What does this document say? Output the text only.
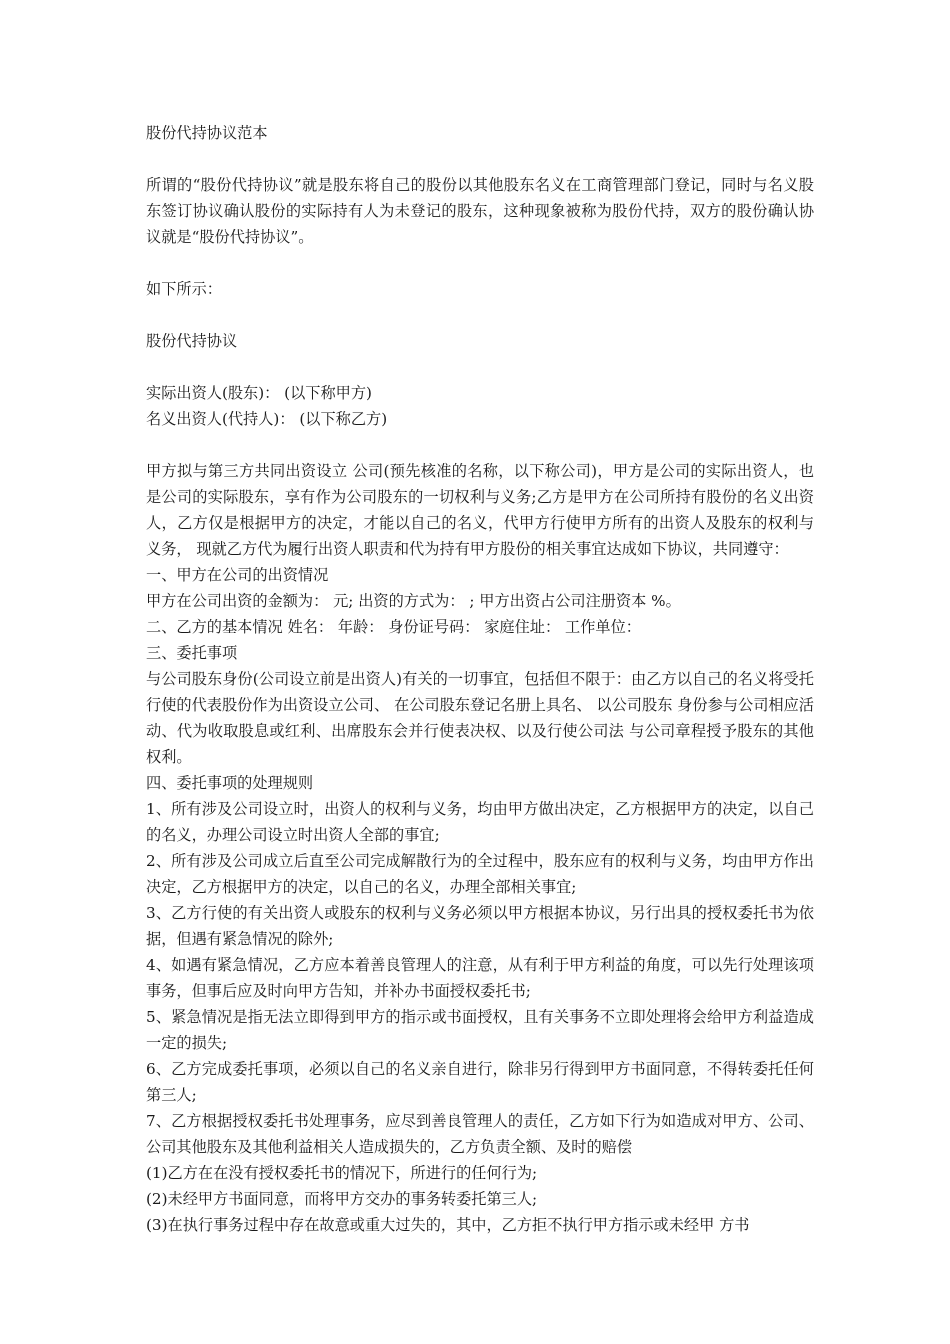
股份代持协议范本

所谓的“股份代持协议”就是股东将自己的股份以其他股东名义在工商管理部门登记，同时与名义股东签订协议确认股份的实际持有人为未登记的股东，这种现象被称为股份代持，双方的股份确认协议就是“股份代持协议”。

如下所示：
股份代持协议
实际出资人(股东)： (以下称甲方)
名义出资人(代持人)： (以下称乙方)

甲方拟与第三方共同出资设立 公司(预先核准的名称，以下称公司)，甲方是公司的实际出资人，也是公司的实际股东，享有作为公司股东的一切权利与义务;乙方是甲方在公司所持有股份的名义出资人，乙方仅是根据甲方的决定，才能以自己的名义，代甲方行使甲方所有的出资人及股东的权利与义务， 现就乙方代为履行出资人职责和代为持有甲方股份的相关事宜达成如下协议，共同遵守：

一、甲方在公司的出资情况
甲方在公司出资的金额为： 元; 出资的方式为： ; 甲方出资占公司注册资本 %。
二、乙方的基本情况 姓名： 年龄： 身份证号码： 家庭住址： 工作单位：
三、委托事项

与公司股东身份(公司设立前是出资人)有关的一切事宜，包括但不限于：由乙方以自己的名义将受托行使的代表股份作为出资设立公司、 在公司股东登记名册上具名、 以公司股东 身份参与公司相应活动、代为收取股息或红利、出席股东会并行使表决权、以及行使公司法 与公司章程授予股东的其他权利。

四、委托事项的处理规则

1、所有涉及公司设立时，出资人的权利与义务，均由甲方做出决定，乙方根据甲方的决定，以自己的名义，办理公司设立时出资人全部的事宜;

2、所有涉及公司成立后直至公司完成解散行为的全过程中，股东应有的权利与义务，均由甲方作出决定，乙方根据甲方的决定，以自己的名义，办理全部相关事宜;

3、乙方行使的有关出资人或股东的权利与义务必须以甲方根据本协议，另行出具的授权委托书为依据，但遇有紧急情况的除外;

4、如遇有紧急情况，乙方应本着善良管理人的注意，从有利于甲方利益的角度，可以先行处理该项事务，但事后应及时向甲方告知，并补办书面授权委托书;

5、紧急情况是指无法立即得到甲方的指示或书面授权，且有关事务不立即处理将会给甲方利益造成一定的损失;

6、乙方完成委托事项，必须以自己的名义亲自进行，除非另行得到甲方书面同意，不得转委托任何第三人;

7、乙方根据授权委托书处理事务，应尽到善良管理人的责任，乙方如下行为如造成对甲方、公司、公司其他股东及其他利益相关人造成损失的，乙方负责全额、及时的赔偿

(1)乙方在在没有授权委托书的情况下，所进行的任何行为;
(2)未经甲方书面同意，而将甲方交办的事务转委托第三人;
(3)在执行事务过程中存在故意或重大过失的，其中，乙方拒不执行甲方指示或未经甲 方书
